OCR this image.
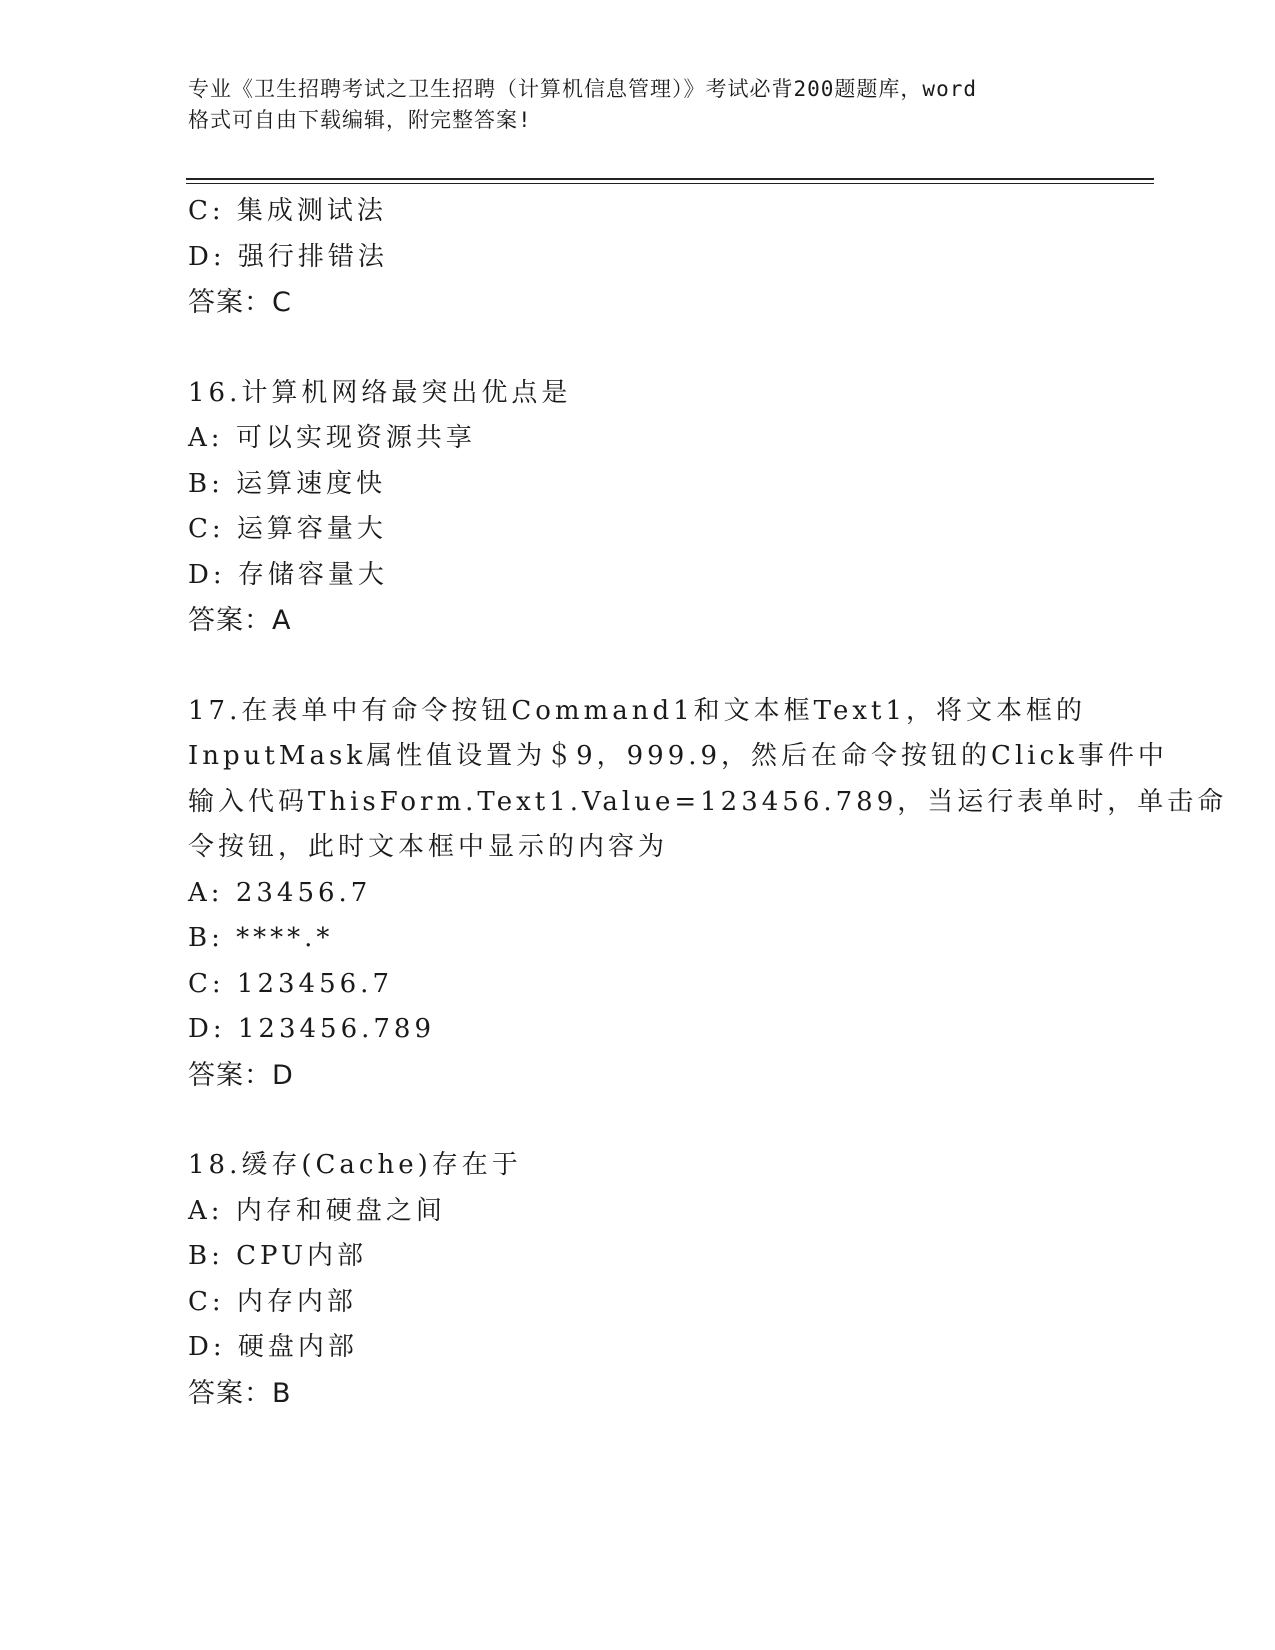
专业《卫生招聘考试之卫生招聘（计算机信息管理）》考试必背200题题库，word
格式可自由下载编辑，附完整答案!
C: 集成测试法
D: 强行排错法
答案：C
16.计算机网络最突出优点是
A: 可以实现资源共享
B: 运算速度快
C: 运算容量大
D: 存储容量大
答案：A
17.在表单中有命令按钮Command1和文本框Text1，将文本框的
InputMask属性值设置为＄9，999.9，然后在命令按钮的Click事件中
输入代码ThisForm.Text1.Value=123456.789，当运行表单时，单击命
令按钮，此时文本框中显示的内容为
A: 23456.7
B: ****.*
C: 123456.7
D: 123456.789
答案：D
18.缓存(Cache)存在于
A: 内存和硬盘之间
B: CPU内部
C: 内存内部
D: 硬盘内部
答案：B
